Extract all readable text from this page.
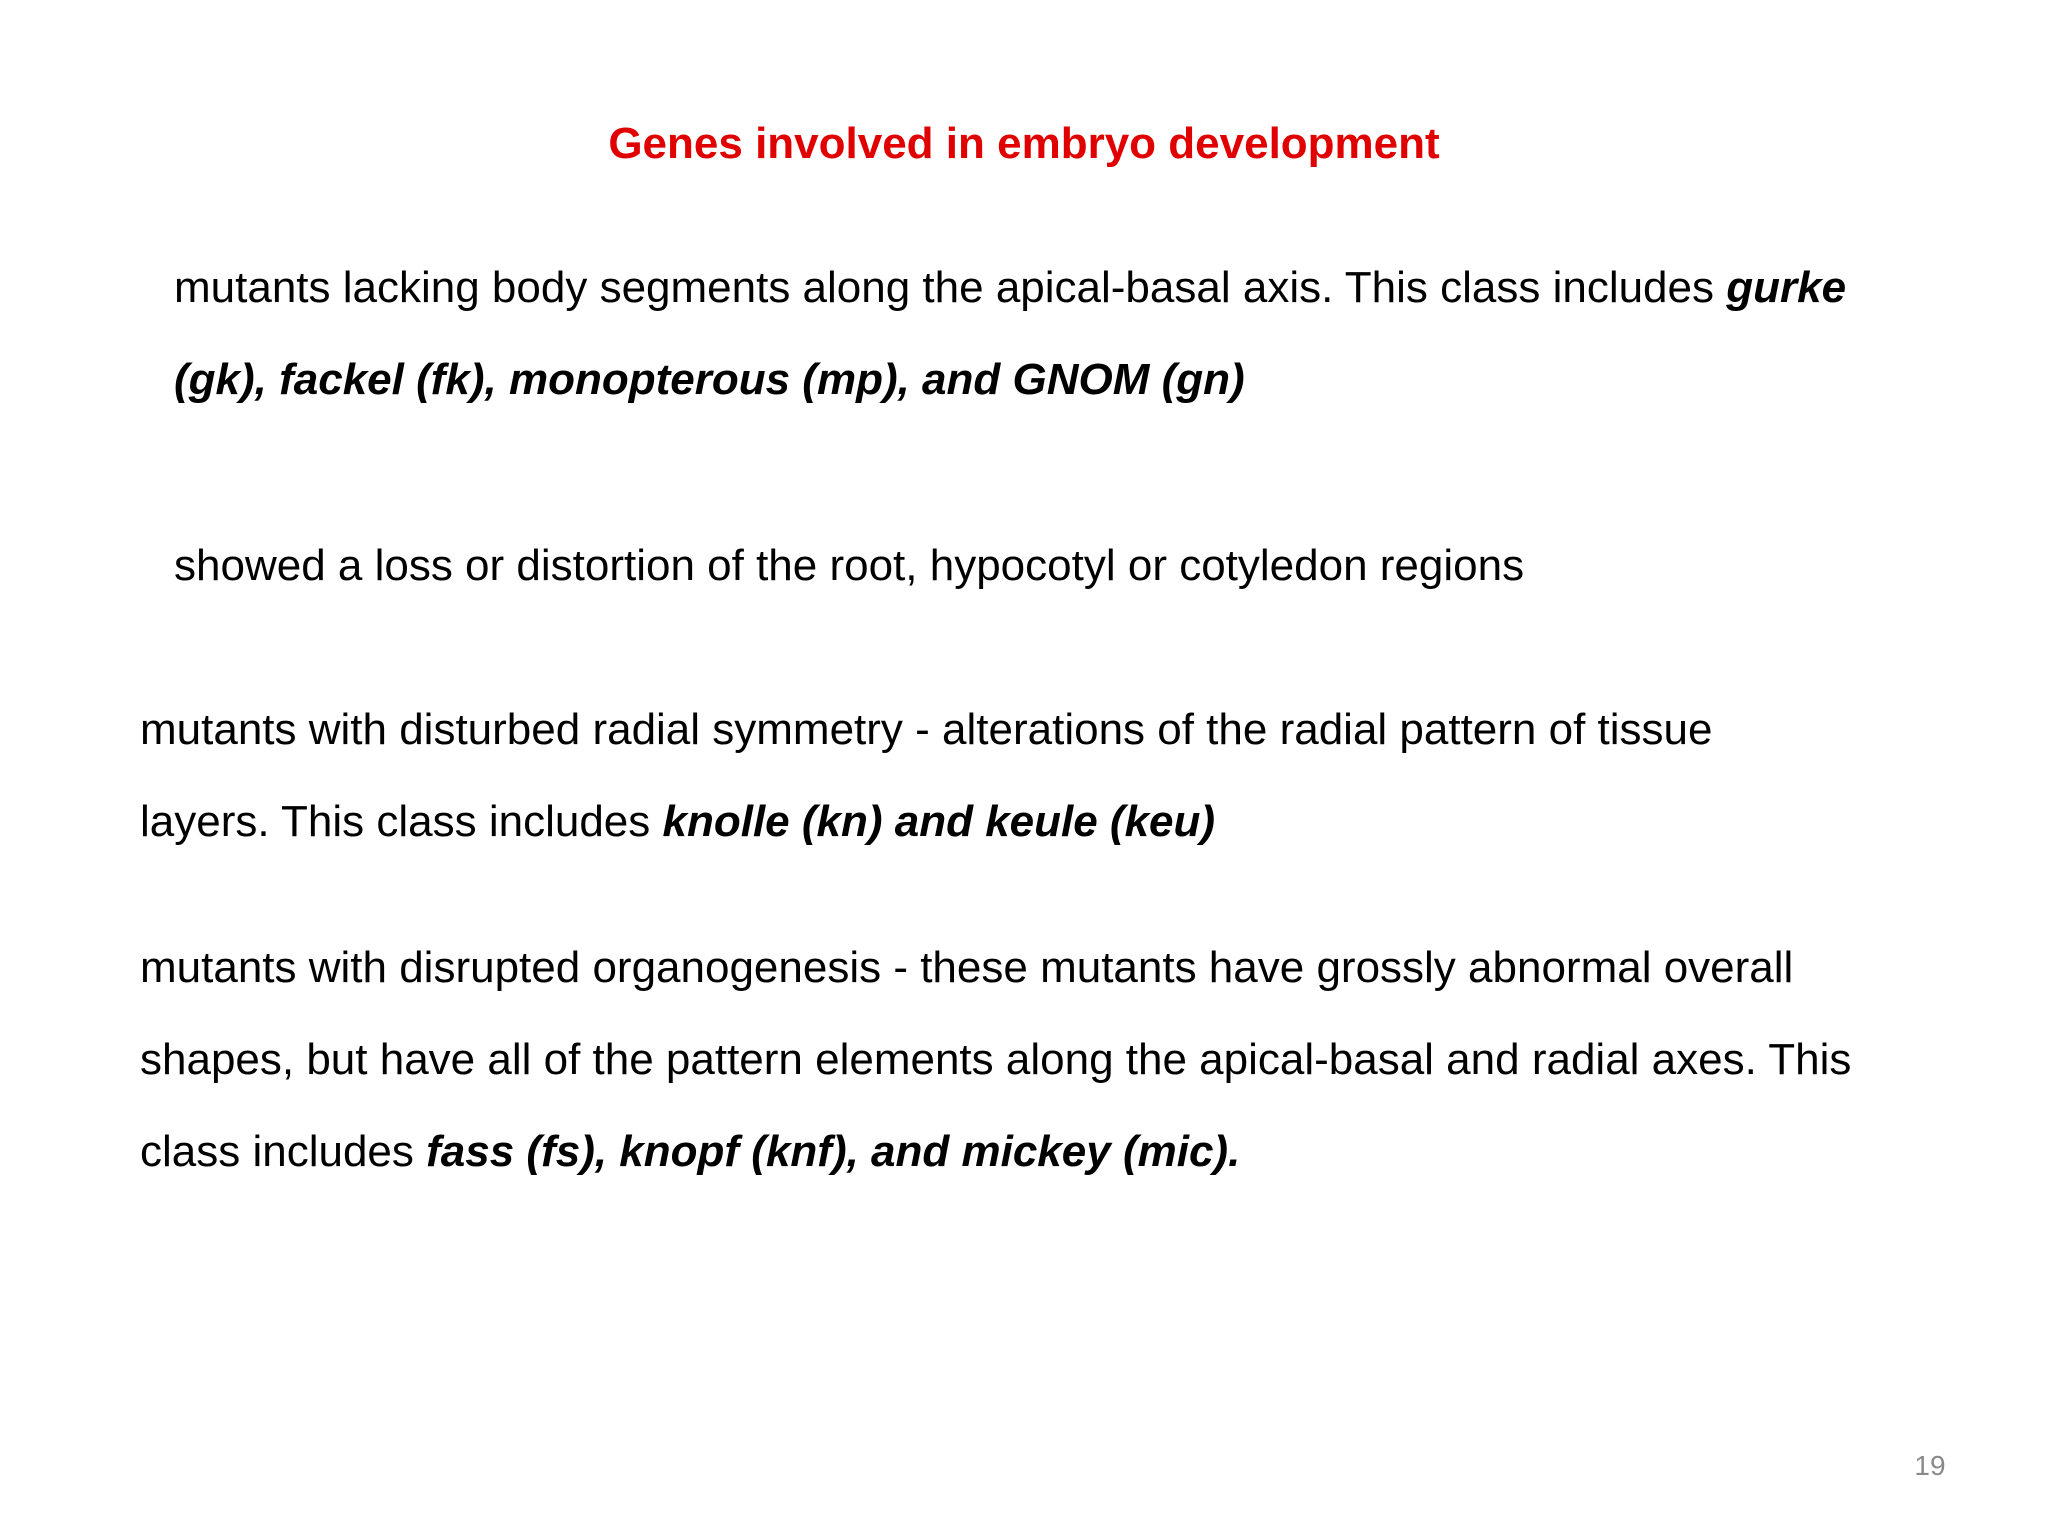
Genes involved in embryo development
mutants lacking body segments along the apical-basal axis. This class includes gurke
(gk), fackel (fk), monopterous (mp), and GNOM (gn)
showed a loss or distortion of the root, hypocotyl or cotyledon regions
mutants with disturbed radial symmetry - alterations of the radial pattern of tissue
layers. This class includes knolle (kn) and keule (keu)
mutants with disrupted organogenesis - these mutants have grossly abnormal overall
shapes, but have all of the pattern elements along the apical-basal and radial axes. This
class includes fass (fs), knopf (knf), and mickey (mic).
19
